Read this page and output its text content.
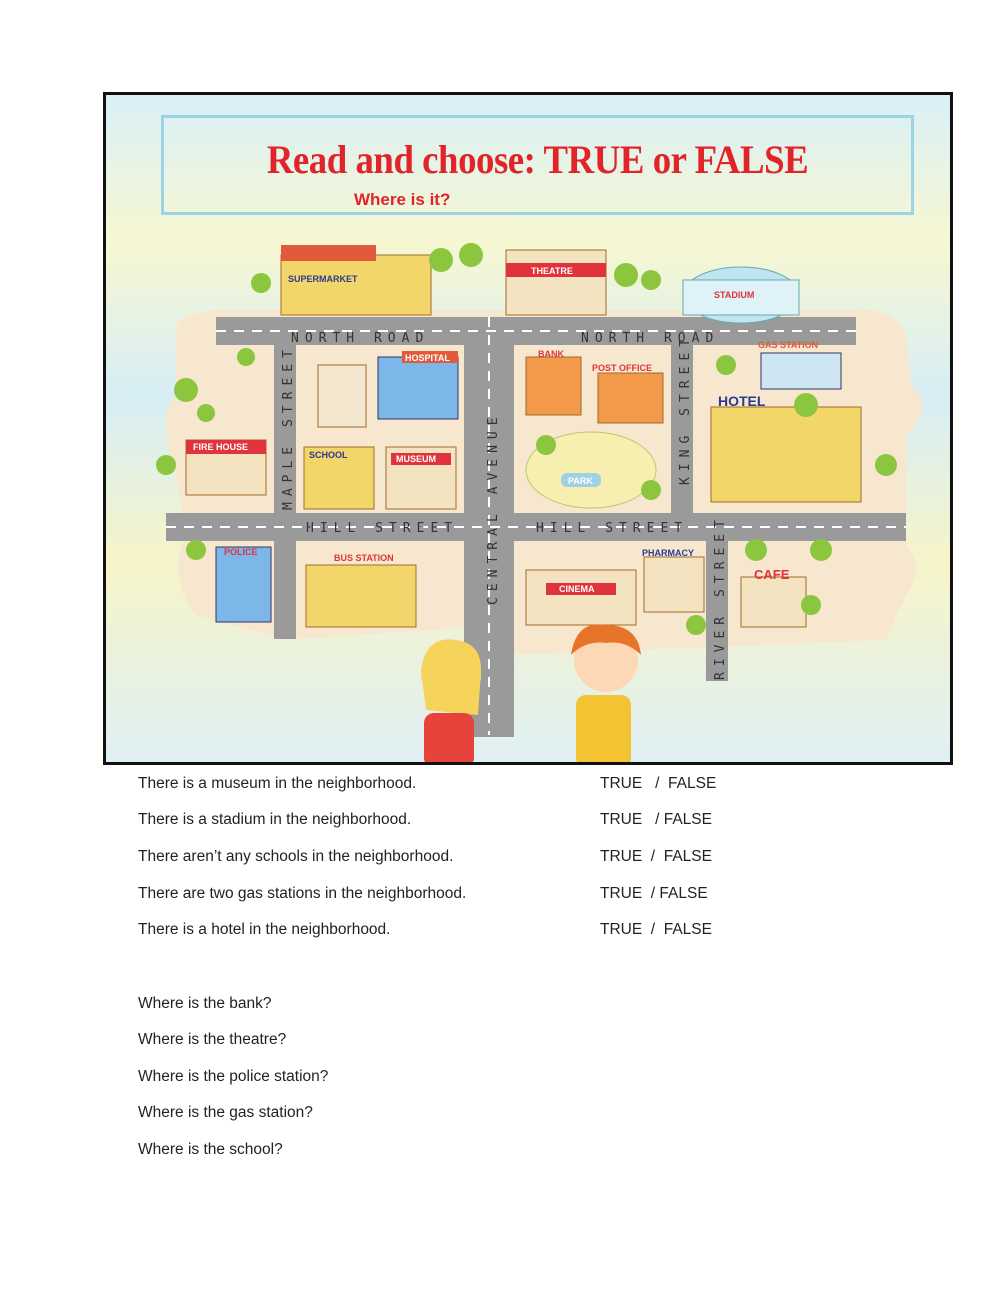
NORTH ROAD	NORTH ROAD
HILL STREET	HILL STREET
MAPLE STREET	CENTRAL AVENUE
KING STREET
RIVER STREET
SUPERMARKET
THEATRE
STADIUM
HOSPITAL
SCHOOL	MUSEUM
BANK
POST OFFICE
PARK
GAS STATION
HOTEL
FIRE HOUSE
POLICE
BUS STATION
CINEMA
PHARMACY
CAFE
Read and choose: TRUE or FALSE
Where is it?
There is a museum in the neighborhood.	TRUE   /  FALSE
There is a stadium in the neighborhood.	TRUE   / FALSE
There aren’t any schools in the neighborhood.	TRUE  /  FALSE
There are two gas stations in the neighborhood.	TRUE  / FALSE
There is a hotel in the neighborhood.	TRUE  /  FALSE
Where is the bank?
Where is the theatre?
Where is the police station?
Where is the gas station?
Where is the school?
